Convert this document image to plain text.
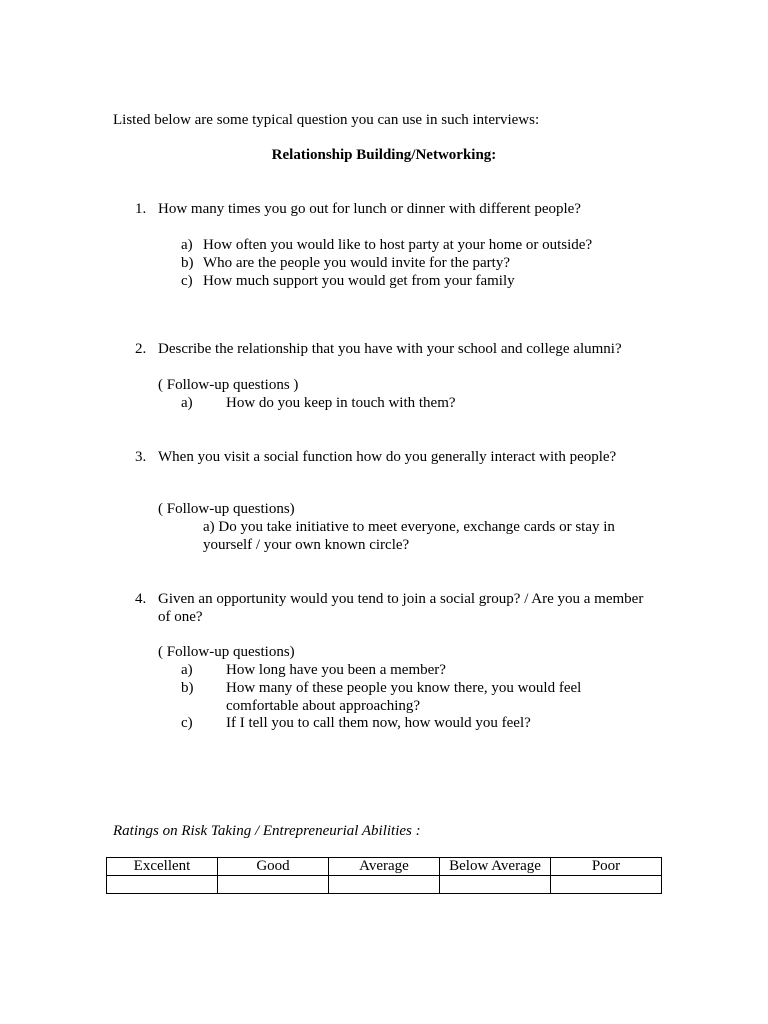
Listed below are some typical question you can use in such interviews:
Relationship Building/Networking:
1. How many times you go out for lunch or dinner with different people?
a) How often you would like to host party at your home or outside?
b) Who are the people you would invite for the party?
c) How much support you would get from your family
2. Describe the relationship that you have with your school and college alumni?
( Follow-up questions )
a) How do you keep in touch with them?
3. When you visit a social function how do you generally interact with people?
( Follow-up questions)
a) Do you take initiative to meet everyone, exchange cards or stay in
yourself / your own known circle?
4. Given an opportunity would you tend to join a social group? / Are you a member
of one?
( Follow-up questions)
a) How long have you been a member?
b) How many of these people you know there, you would feel
comfortable about approaching?
c) If I tell you to call them now, how would you feel?
Ratings on Risk Taking / Entrepreneurial Abilities :
Excellent	Good	Average	Below Average	Poor
